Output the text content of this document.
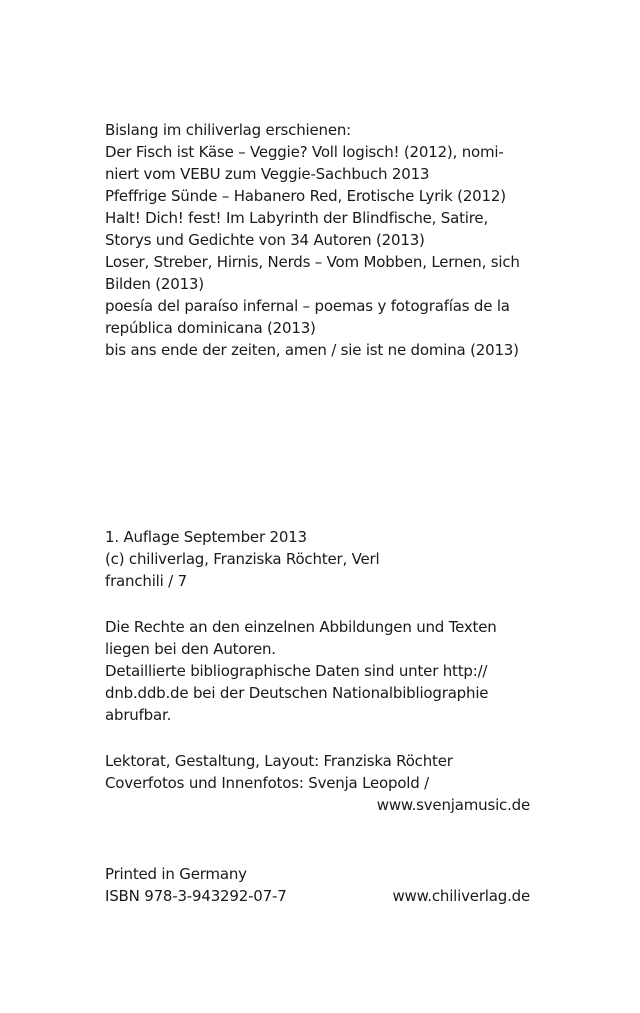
Bislang im chiliverlag erschienen:
Der Fisch ist Käse – Veggie? Voll logisch! (2012), nomi-
niert vom VEBU zum Veggie-Sachbuch 2013
Pfeffrige Sünde – Habanero Red, Erotische Lyrik (2012)
Halt! Dich! fest! Im Labyrinth der Blindfische, Satire,
Storys und Gedichte von 34 Autoren (2013)
Loser, Streber, Hirnis, Nerds – Vom Mobben, Lernen, sich
Bilden (2013)
poesía del paraíso infernal – poemas y fotografías de la
república dominicana (2013)
bis ans ende der zeiten, amen / sie ist ne domina (2013)
1. Auflage September 2013
(c) chiliverlag, Franziska Röchter, Verl
franchili / 7
Die Rechte an den einzelnen Abbildungen und Texten
liegen bei den Autoren.
Detaillierte bibliographische Daten sind unter http://
dnb.ddb.de bei der Deutschen Nationalbibliographie
abrufbar.
Lektorat, Gestaltung, Layout: Franziska Röchter
Coverfotos und Innenfotos: Svenja Leopold /
www.svenjamusic.de
Printed in Germany
ISBN 978-3-943292-07-7	www.chiliverlag.de
